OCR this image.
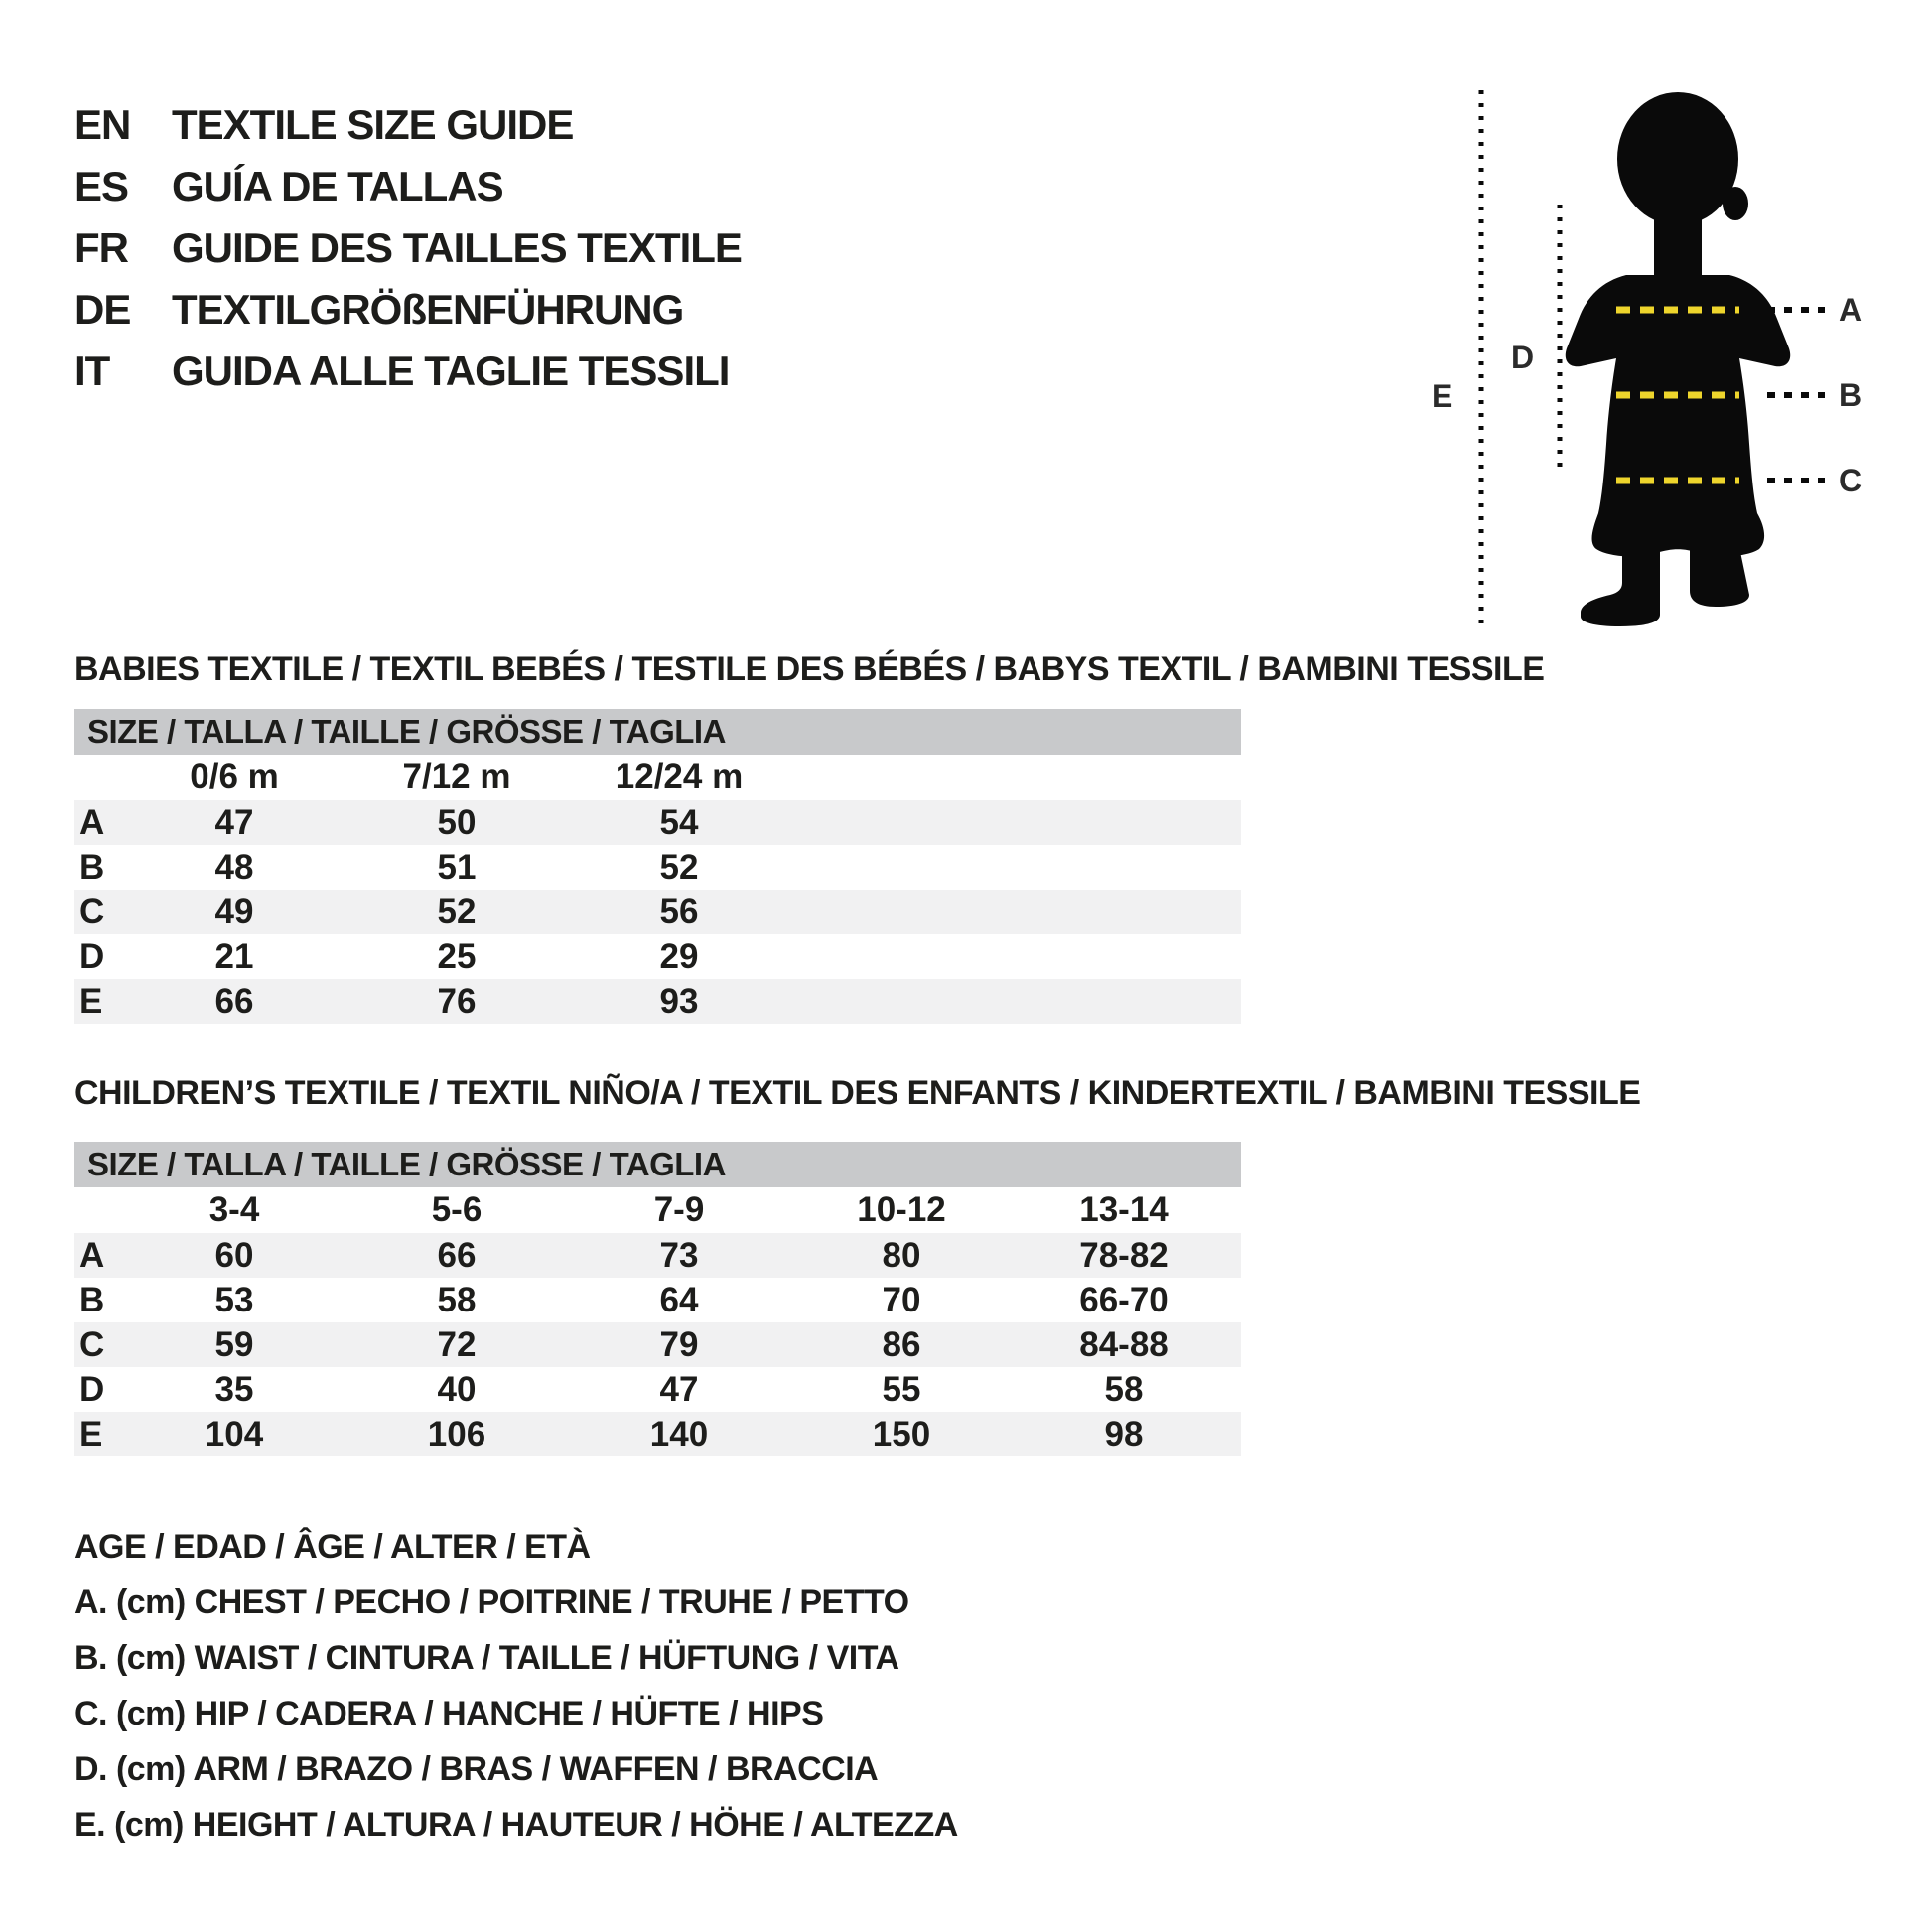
EN TEXTILE SIZE GUIDE
ES	GUÍA DE TALLAS
FR	GUIDE DES TAILLES TEXTILE
DE TEXTILGRÖßENFÜHRUNG
IT	GUIDA ALLE TAGLIE TESSILI
A
B
C
D
E
BABIES TEXTILE / TEXTIL BEBÉS / TESTILE DES BÉBÉS / BABYS TEXTIL / BAMBINI TESSILE
SIZE / TALLA / TAILLE / GRÖSSE / TAGLIA
0/6 m	7/12 m	12/24 m
A	47	50	54
B	48	51	52
C	49	52	56
D	21	25	29
E	66	76	93
CHILDREN’S TEXTILE / TEXTIL NIÑO/A / TEXTIL DES ENFANTS / KINDERTEXTIL / BAMBINI TESSILE
SIZE / TALLA / TAILLE / GRÖSSE / TAGLIA
3-4	5-6	7-9	10-12	13-14
A	60	66	73	80	78-82
B	53	58	64	70	66-70
C	59	72	79	86	84-88
D	35	40	47	55	58
E	104	106	140	150	98
AGE / EDAD / ÂGE / ALTER / ETÀ
A. (cm) CHEST / PECHO / POITRINE / TRUHE / PETTO
B. (cm) WAIST / CINTURA / TAILLE / HÜFTUNG / VITA
C. (cm) HIP / CADERA / HANCHE / HÜFTE / HIPS
D. (cm) ARM / BRAZO / BRAS / WAFFEN / BRACCIA
E. (cm) HEIGHT / ALTURA / HAUTEUR / HÖHE / ALTEZZA
